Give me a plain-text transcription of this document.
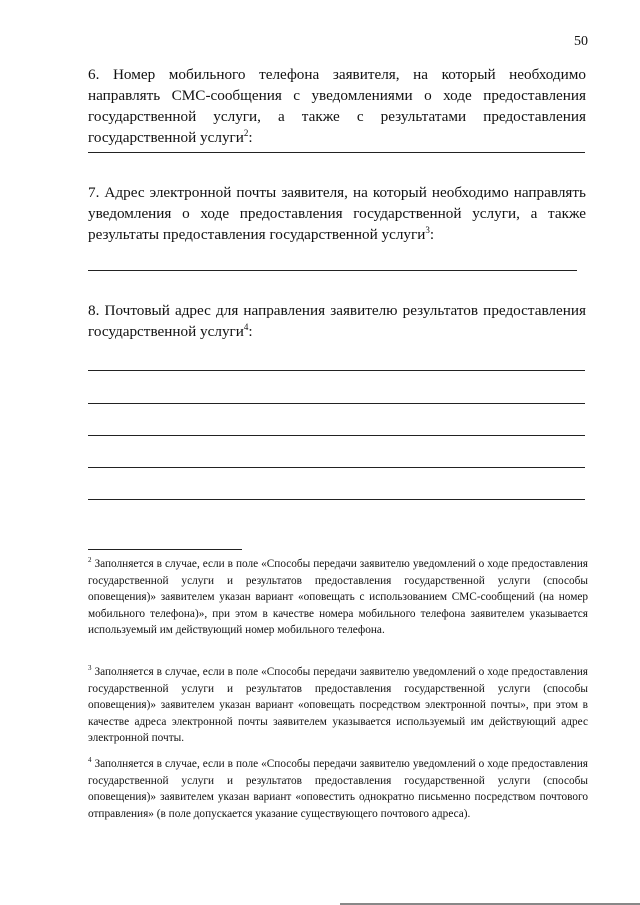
50
6. Номер мобильного телефона заявителя, на который необходимо направлять СМС-сообщения с уведомлениями о ходе предоставления государственной услуги, а также с результатами предоставления государственной услуги$^2$:
7. Адрес электронной почты заявителя, на который необходимо направлять уведомления о ходе предоставления государственной услуги, а также результаты предоставления государственной услуги$^3$:
8. Почтовый адрес для направления заявителю результатов предоставления государственной услуги$^4$:
$^2$ Заполняется в случае, если в поле «Способы передачи заявителю уведомлений о ходе предоставления государственной услуги и результатов предоставления государственной услуги (способы оповещения)» заявителем указан вариант «оповещать с использованием СМС-сообщений (на номер мобильного телефона)», при этом в качестве номера мобильного телефона заявителем указывается используемый им действующий номер мобильного телефона.
$^3$ Заполняется в случае, если в поле «Способы передачи заявителю уведомлений о ходе предоставления государственной услуги и результатов предоставления государственной услуги (способы оповещения)» заявителем указан вариант «оповещать посредством электронной почты», при этом в качестве адреса электронной почты заявителем указывается используемый им действующий адрес электронной почты.
$^4$ Заполняется в случае, если в поле «Способы передачи заявителю уведомлений о ходе предоставления государственной услуги и результатов предоставления государственной услуги (способы оповещения)» заявителем указан вариант «оповестить однократно письменно посредством почтового отправления» (в поле допускается указание существующего почтового адреса).
